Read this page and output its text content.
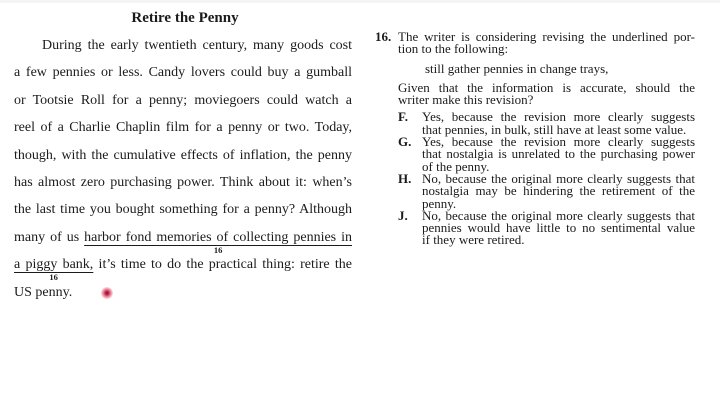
Retire the Penny
During the early twentieth century, many goods cost
a few pennies or less. Candy lovers could buy a gumball
or Tootsie Roll for a penny; moviegoers could watch a
reel of a Charlie Chaplin film for a penny or two. Today,
though, with the cumulative effects of inflation, the penny
has almost zero purchasing power. Think about it: when’s
the last time you bought something for a penny? Although
many of us harbor fond memories of collecting pennies in
16
a piggy bank,
16
it’s time to do the practical thing: retire the
US penny.
16. The writer is considering revising the underlined por-
tion to the following:
still gather pennies in change trays,
Given that the information is accurate, should the
writer make this revision?
F.	Yes, because the revision more clearly suggests
that pennies, in bulk, still have at least some value.
G. Yes, because the revision more clearly suggests
that nostalgia is unrelated to the purchasing power
of the penny.
H. No, because the original more clearly suggests that
nostalgia may be hindering the retirement of the
penny.
J.	No, because the original more clearly suggests that
pennies would have little to no sentimental value
if they were retired.
